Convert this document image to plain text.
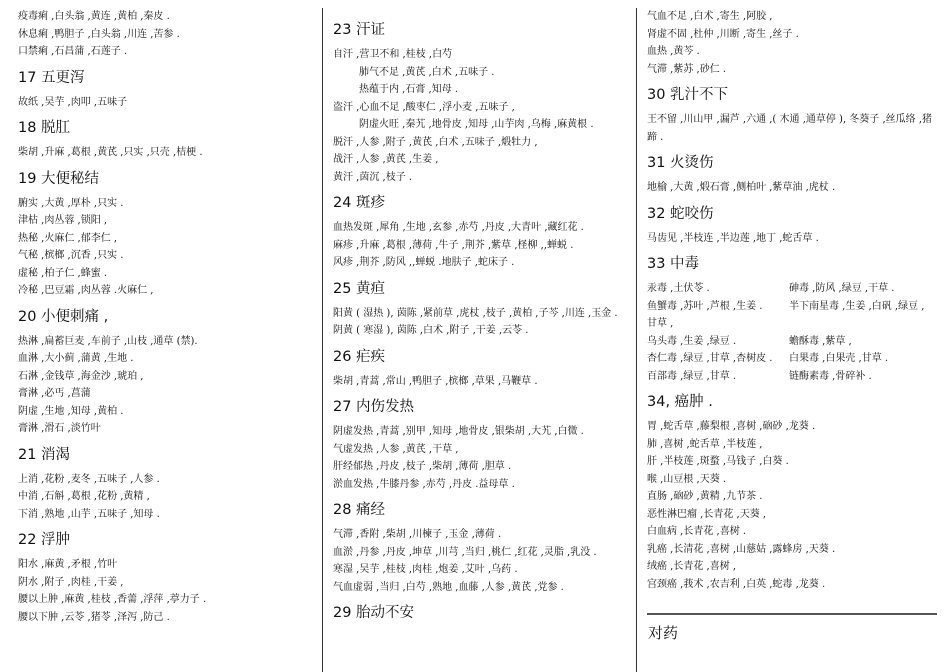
疫毒痢 ,白头翁 ,黄连 ,黄柏 ,秦皮 .
休息痢 ,鸭胆子 ,白头翁 ,川连 ,苦参 .
口禁痢 ,石昌蒲 ,石莲子 .
17 五更泻
故纸 ,吴芋 ,肉叩 ,五味子
18 脱肛
柴胡 ,升麻 ,葛根 ,黄芪 ,只实 ,只壳 ,桔梗 .
19 大便秘结
腑实 ,大黄 ,厚朴 ,只实 .
津枯 ,肉丛蓉 ,锁阳 ,
热秘 ,火麻仁 ,郁李仁 ,
气秘 ,槟榔 ,沉香 ,只实 .
虚秘 ,柏子仁 ,蜂蜜 .
冷秘 ,巴豆霜 ,肉丛蓉 .火麻仁 ,
20 小便刺痛 ,
热淋 ,扁蓄巨麦 ,车前子 ,山枝 ,通草 (禁).
血淋 ,大小蓟 ,蒲黄 ,生地 .
石淋 ,金钱草 ,海金沙 ,琥珀 ,
膏淋 ,必丐 ,菖蒲
阴虚 ,生地 ,知母 ,黄柏 .
膏淋 ,滑石 ,淡竹叶
21 消渴
上消 ,花粉 ,麦冬 ,五味子 ,人参 .
中消 ,石斛 ,葛根 ,花粉 ,黄精 ,
下消 ,熟地 ,山芋 ,五味子 ,知母 .
22 浮肿
阳水 ,麻黄 ,矛根 ,竹叶
阴水 ,附子 ,肉桂 ,干姜 ,
腰以上肿 ,麻黄 ,桂枝 ,香薷 ,浮萍 ,葶力子 .
腰以下肿 ,云苓 ,猪苓 ,泽泻 ,防己 .
23 汗证
自汗 ,营卫不和 ,桂枝 ,白芍
肺气不足 ,黄芪 ,白术 ,五味子 .
热蕴于内 ,石膏 ,知母 .
盗汗 ,心血不足 ,酸枣仁 ,浮小麦 ,五味子 ,
阴虚火旺 ,秦艽 ,地骨皮 ,知母 ,山芋肉 ,乌梅 ,麻黄根 .
脱汗 ,人参 ,附子 ,黄芪 ,白术 ,五味子 ,煅牡力 ,
战汗 ,人参 ,黄芪 ,生姜 ,
黄汗 ,茵沉 ,枝子 .
24 斑疹
血热发斑 ,犀角 ,生地 ,玄参 ,赤芍 ,丹皮 ,大青叶 ,藏红花 .
麻疹 ,升麻 ,葛根 ,薄荷 ,牛子 ,荆芥 ,紫草 ,柽柳 ,,蝉蜕 .
风疹 ,荆芥 ,防风 ,,蝉蜕 .地肤子 ,蛇床子 .
25 黄疸
阳黄 ( 湿热 ), 茵陈 ,紧前草 ,虎杖 ,枝子 ,黄柏 ,子芩 ,川连 ,玉金 .
阴黄 ( 寒湿 ), 茵陈 ,白术 ,附子 ,干姜 ,云苓 .
26 疟疾
柴胡 ,青蒿 ,常山 ,鸭胆子 ,槟榔 ,草果 ,马鞭草 .
27 内伤发热
阴虚发热 ,青蒿 ,别甲 ,知母 ,地骨皮 ,银柴胡 ,大艽 ,白微 .
气虚发热 ,人参 ,黄芪 ,干草 ,
肝经郁热 ,丹皮 ,枝子 ,柴胡 ,薄荷 ,胆草 .
淤血发热 ,牛膝丹参 ,赤芍 ,丹皮 .益母草 .
28 痛经
气滞 ,香附 ,柴胡 ,川楝子 ,玉金 ,薄荷 .
血淤 ,丹参 ,丹皮 ,坤草 ,川芎 ,当归 ,桃仁 ,红花 ,灵脂 ,乳没 .
寒湿 ,吴芋 ,桂枝 ,肉桂 ,炮姜 ,艾叶 ,乌药 .
气血虚弱 ,当归 ,白芍 ,熟地 ,血藤 ,人参 ,黄芪 ,党参 .
29 胎动不安
气血不足 ,白术 ,寄生 ,阿胶 ,
肾虚不固 ,杜仲 ,川断 ,寄生 ,丝子 .
血热 ,黄芩 .
气滞 ,紫苏 ,砂仁 .
30 乳汁不下
王不留 ,川山甲 ,漏芦 ,六通 ,( 木通 ,通草停 ), 冬葵子 ,丝瓜络 ,猪蹄 .
31 火烫伤
地榆 ,大黄 ,煅石膏 ,侧柏叶 ,紫草油 ,虎杖 .
32 蛇咬伤
马齿见 ,半枝连 ,半边莲 ,地丁 ,蛇舌草 .
33 中毒
汞毒 ,土伏苓 .	砷毒 ,防风 ,绿豆 ,干草 .
鱼蟹毒 ,苏叶 ,芦根 ,生姜 .	半下南星毒 ,生姜 ,白矾 ,绿豆 ,
甘草 ,
乌头毒 ,生姜 ,绿豆 .	蟾酥毒 ,紫草 ,
杏仁毒 ,绿豆 ,甘草 ,杏树皮 .	白果毒 ,白果壳 ,甘草 .
百部毒 ,绿豆 ,甘草 .	链酶素毒 ,骨碎补 .
34, 癌肿 .
胃 ,蛇舌草 ,藤梨根 ,喜树 ,硇砂 ,龙葵 .
肺 ,喜树 ,蛇舌草 ,半枝莲 ,
肝 ,半枝莲 ,斑蝥 ,马钱子 ,白葵 .
喉 ,山豆根 ,天葵 .
直肠 ,硇砂 ,黄精 ,九节茶 .
恶性淋巴瘤 ,长青花 ,天葵 ,
白血病 ,长青花 ,喜树 .
乳癌 ,长清花 ,喜树 ,山慈姑 ,露蜂房 ,天葵 .
绒癌 ,长青花 ,喜树 ,
宫颈癌 ,莪术 ,农吉利 ,白英 ,蛇毒 ,龙葵 .
对药
